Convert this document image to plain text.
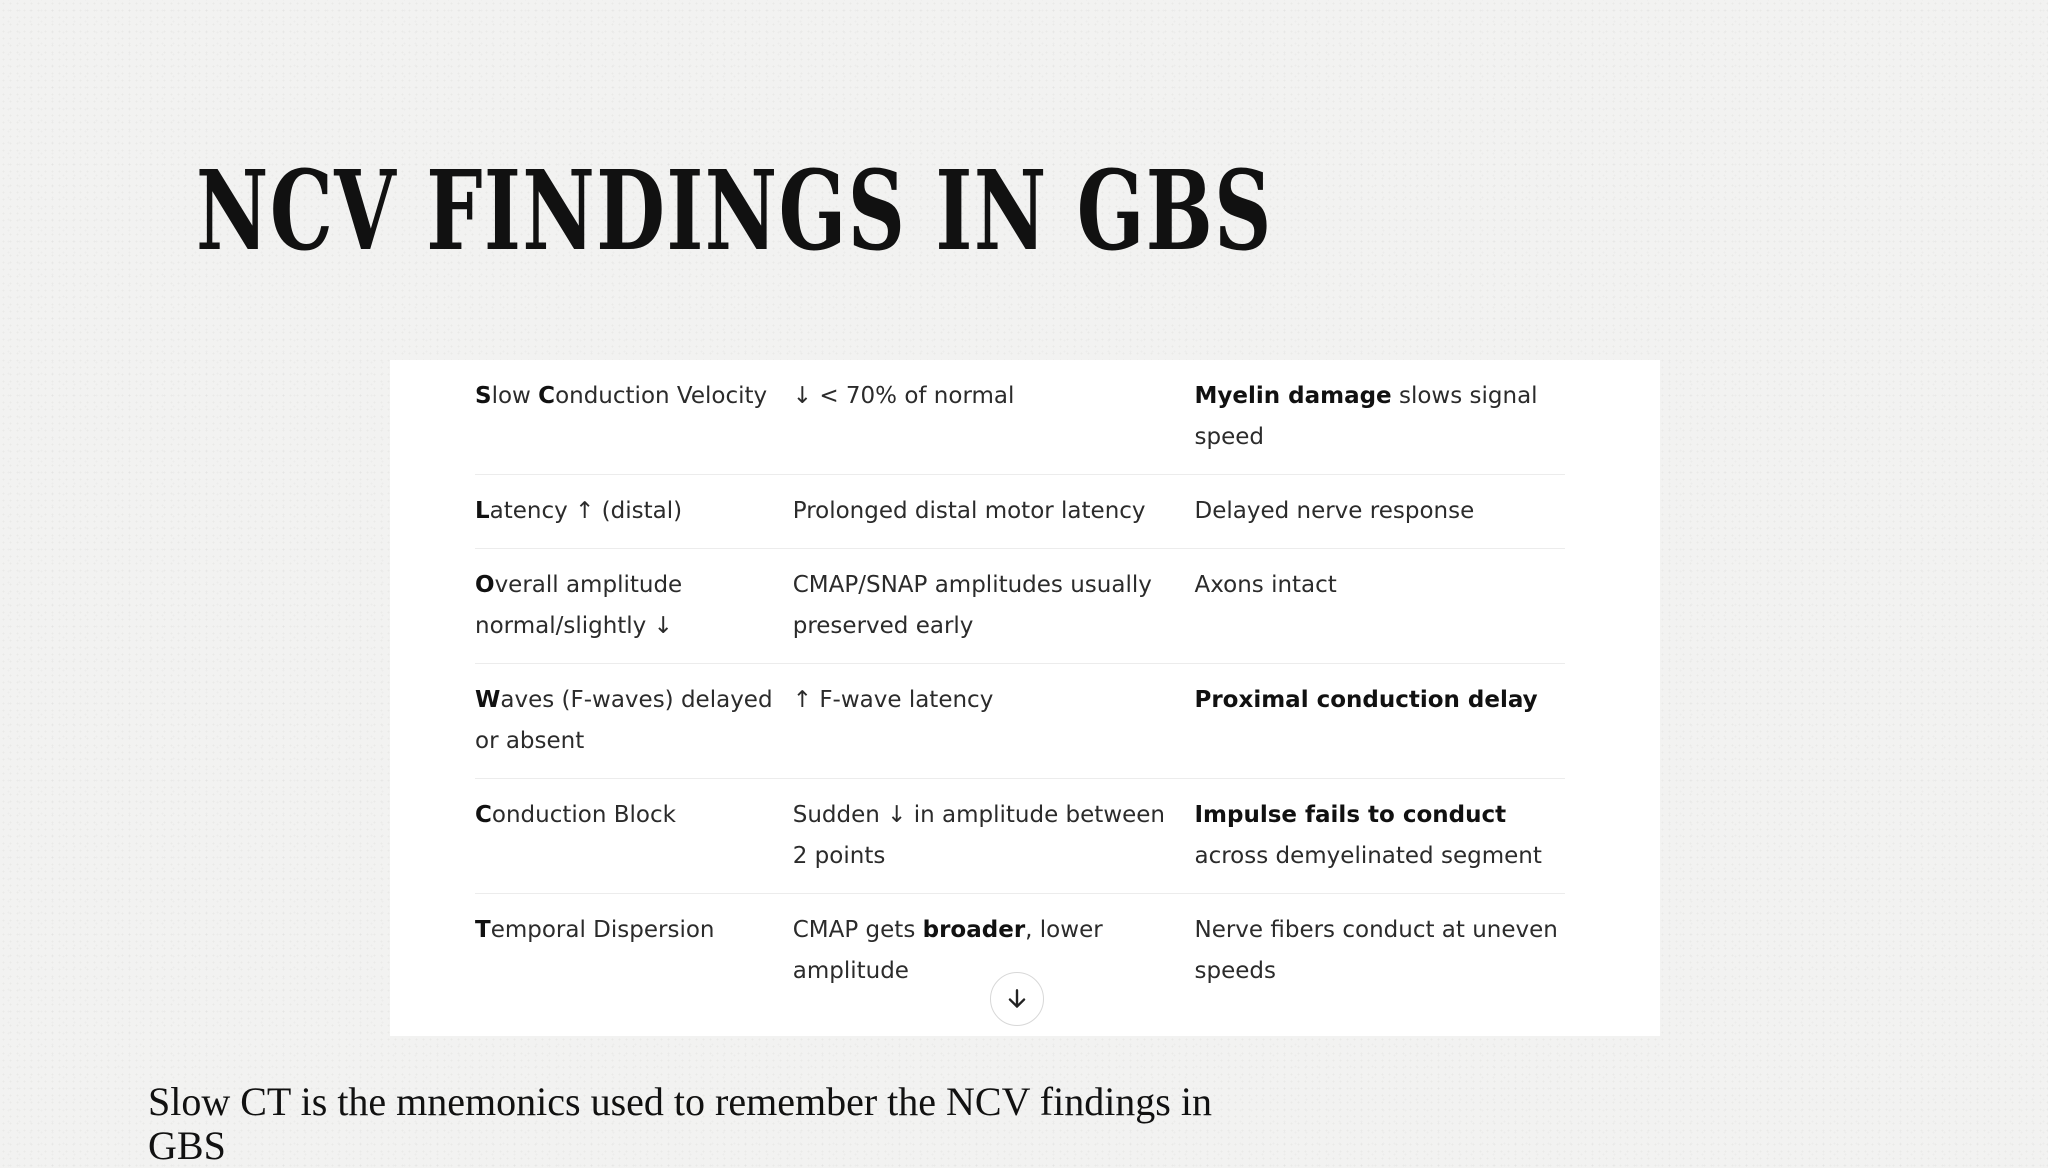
NCV FINDINGS IN GBS
Slow Conduction Velocity	↓ < 70% of normal	Myelin damage slows signal speed
Latency ↑ (distal)	Prolonged distal motor latency	Delayed nerve response
Overall amplitude normal/slightly ↓	CMAP/SNAP amplitudes usually preserved early	Axons intact
Waves (F-waves) delayed or absent	↑ F-wave latency	Proximal conduction delay
Conduction Block	Sudden ↓ in amplitude between 2 points	Impulse fails to conduct across demyelinated segment
Temporal Dispersion	CMAP gets broader, lower amplitude	Nerve fibers conduct at uneven speeds

Slow CT is the mnemonics used to remember the NCV findings in GBS
